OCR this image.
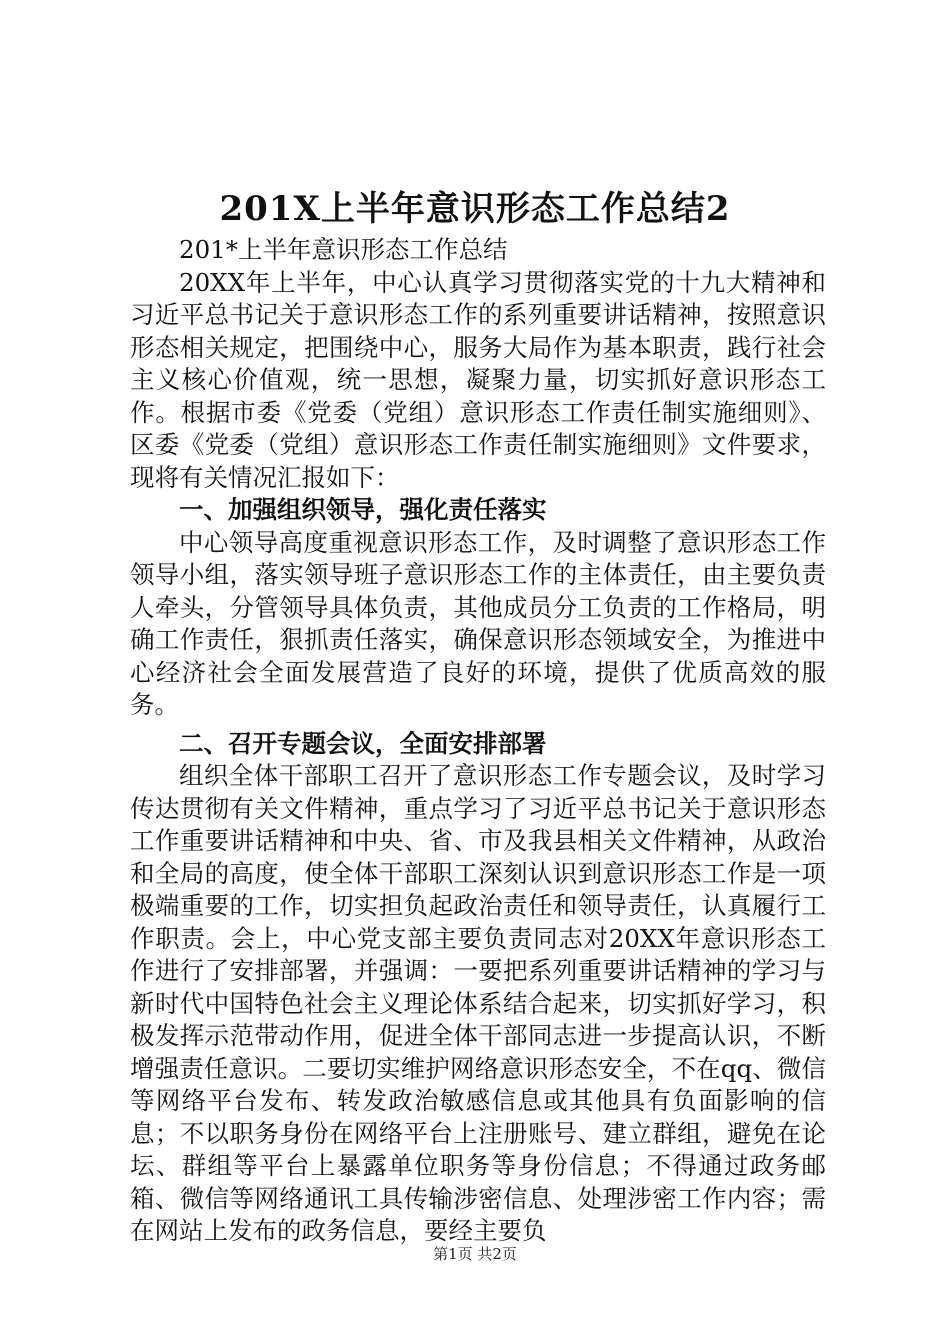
201X上半年意识形态工作总结2

201*上半年意识形态工作总结

20XX年上半年，中心认真学习贯彻落实党的十九大精神和习近平总书记关于意识形态工作的系列重要讲话精神，按照意识形态相关规定，把围绕中心，服务大局作为基本职责，践行社会主义核心价值观，统一思想，凝聚力量，切实抓好意识形态工作。根据市委《党委（党组）意识形态工作责任制实施细则》、区委《党委（党组）意识形态工作责任制实施细则》文件要求，现将有关情况汇报如下：

一、加强组织领导，强化责任落实

中心领导高度重视意识形态工作，及时调整了意识形态工作领导小组，落实领导班子意识形态工作的主体责任，由主要负责人牵头，分管领导具体负责，其他成员分工负责的工作格局，明确工作责任，狠抓责任落实，确保意识形态领域安全，为推进中心经济社会全面发展营造了良好的环境，提供了优质高效的服务。

二、召开专题会议，全面安排部署

组织全体干部职工召开了意识形态工作专题会议，及时学习传达贯彻有关文件精神，重点学习了习近平总书记关于意识形态工作重要讲话精神和中央、省、市及我县相关文件精神，从政治和全局的高度，使全体干部职工深刻认识到意识形态工作是一项极端重要的工作，切实担负起政治责任和领导责任，认真履行工作职责。会上，中心党支部主要负责同志对20XX年意识形态工作进行了安排部署，并强调：一要把系列重要讲话精神的学习与新时代中国特色社会主义理论体系结合起来，切实抓好学习，积极发挥示范带动作用，促进全体干部同志进一步提高认识，不断增强责任意识。二要切实维护网络意识形态安全，不在qq、微信等网络平台发布、转发政治敏感信息或其他具有负面影响的信息；不以职务身份在网络平台上注册账号、建立群组，避免在论坛、群组等平台上暴露单位职务等身份信息；不得通过政务邮箱、微信等网络通讯工具传输涉密信息、处理涉密工作内容；需在网站上发布的政务信息，要经主要负

第1页 共2页
